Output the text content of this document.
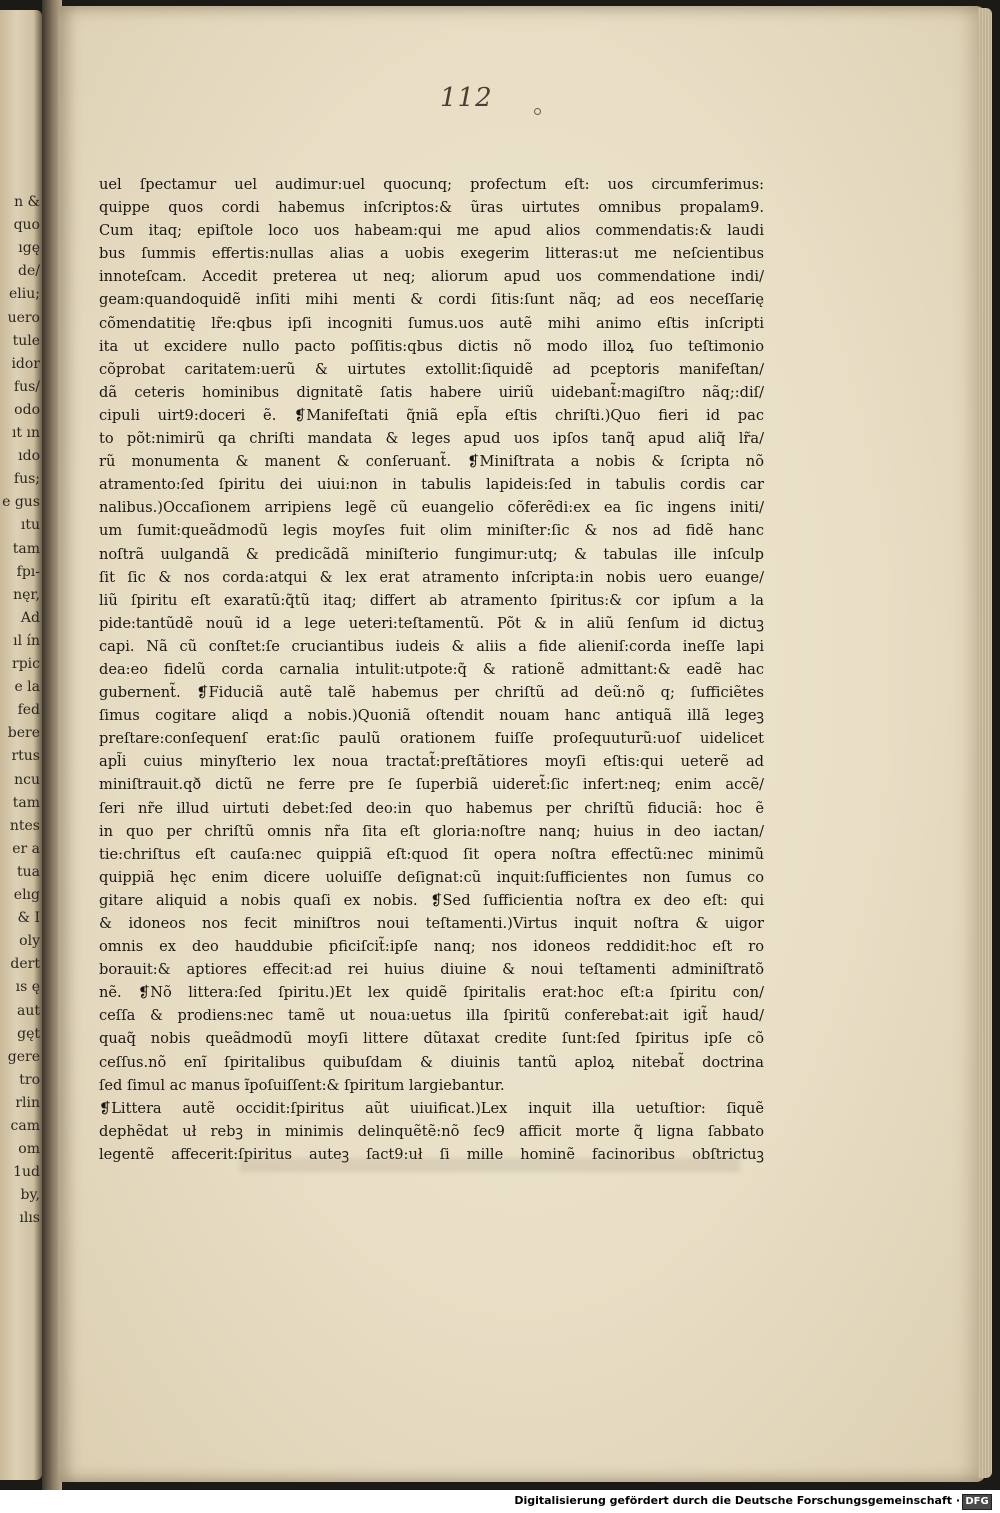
n &
quo
ıgę
de/
eliu;
uero
tule
idor
fus/
odo
ıt ın
ıdo
fus;
e gus
ıtu
tam
fpı-
nęr,
Ad
ıl ín
rpic
e la
fed
bere
rtus
ncu
tam
ntes
er a
tua
elıg
& I
oly
dert
ıs ę
aut
gęt
gere
tro
rlin
cam
om
1ud
by,
ılıs
112
uel ſpectamur uel audimur:uel quocunq; profectum eſt: uos circumferimus:
quippe quos cordi habemus inſcriptos:& ũras uirtutes omnibus propalam9.
Cum itaq; epiſtole loco uos habeam:qui me apud alios commendatis:& laudi
bus ſummis effertis:nullas alias a uobis exegerim litteras:ut me neſcientibus
innoteſcam. Accedit preterea ut neq; aliorum apud uos commendatione indi/
geam:quandoquidẽ inſiti mihi menti & cordi ſitis:ſunt nãq; ad eos neceſſarię
cõmendatitię lr̃e:qbus ipſi incogniti ſumus.uos autẽ mihi animo eſtis inſcripti
ita ut excidere nullo pacto poſſitis:qbus dictis nõ modo illoꝝ ſuo teſtimonio
cõprobat caritatem:uerũ & uirtutes extollit:ſiquidẽ ad pceptoris manifeſtan/
dã ceteris hominibus dignitatẽ ſatis habere uiriũ uidebant̃:magiſtro nãq;:diſ/
cipuli uirt9:doceri ẽ. ❡Manifeſtati q̃niã epl̃a eſtis chriſti.)Quo fieri id pac
to põt:nimirũ qa chriſti mandata & leges apud uos ipſos tanq̃ apud aliq̃ lr̃a/
rũ monumenta & manent & conſeruant̃. ❡Miniſtrata a nobis & ſcripta nõ
atramento:ſed ſpiritu dei uiui:non in tabulis lapideis:ſed in tabulis cordis car
nalibus.)Occaſionem arripiens legẽ cũ euangelio cõferẽdi:ex ea ſic ingens initi/
um ſumit:queãdmodũ legis moyſes fuit olim miniſter:ſic & nos ad fidẽ hanc
noſtrã uulgandã & predicãdã miniſterio fungimur:utq; & tabulas ille inſculp
ſit ſic & nos corda:atqui & lex erat atramento inſcripta:in nobis uero euange/
liũ ſpiritu eſt exaratũ:q̃tũ itaq; differt ab atramento ſpiritus:& cor ipſum a la
pide:tantũdẽ nouũ id a lege ueteri:teſtamentũ. Põt & in aliũ ſenſum id dictuꝫ
capi. Nã cũ conſtet:ſe cruciantibus iudeis & aliis a fide alieniſ:corda ineſſe lapi
dea:eo fidelũ corda carnalia intulit:utpote:q̃ & rationẽ admittant:& eadẽ hac
gubernent̃. ❡Fiduciã autẽ talẽ habemus per chriſtũ ad deũ:nõ q; ſufficiẽtes
ſimus cogitare aliqd a nobis.)Quoniã oſtendit nouam hanc antiquã illã legeꝫ
preſtare:conſequenſ erat:ſic paulũ orationem fuiſſe proſequuturũ:uoſ uidelicet
apl̃i cuius minyſterio lex noua tractat̃:preſtãtiores moyſi eſtis:qui ueterẽ ad
miniſtrauit.qð dictũ ne ferre pre ſe ſuperbiã uideret̃:ſic infert:neq; enim accẽ/
ſeri nr̃e illud uirtuti debet:ſed deo:in quo habemus per chriſtũ fiduciã: hoc ẽ
in quo per chriſtũ omnis nr̃a ſita eſt gloria:noſtre nanq; huius in deo iactan/
tie:chriſtus eſt cauſa:nec quippiã eſt:quod ſit opera noſtra effectũ:nec minimũ
quippiã hęc enim dicere uoluiſſe deſignat:cũ inquit:ſufficientes non ſumus co
gitare aliquid a nobis quaſi ex nobis. ❡Sed ſufficientia noſtra ex deo eſt: qui
& idoneos nos fecit miniſtros noui teſtamenti.)Virtus inquit noſtra & uigor
omnis ex deo hauddubie pficiſcit̃:ipſe nanq; nos idoneos reddidit:hoc eſt ro
borauit:& aptiores effecit:ad rei huius diuine & noui teſtamenti adminiſtratõ
nẽ. ❡Nõ littera:ſed ſpiritu.)Et lex quidẽ ſpiritalis erat:hoc eſt:a ſpiritu con/
ceſſa & prodiens:nec tamẽ ut noua:uetus illa ſpiritũ conferebat:ait igit̃ haud/
quaq̃ nobis queãdmodũ moyſi littere dũtaxat credite ſunt:ſed ſpiritus ipſe cõ
ceſſus.nõ enĩ ſpiritalibus quibuſdam & diuinis tantũ aploꝝ nitebat̃ doctrina
ſed ſimul ac manus ĩpoſuiſſent:& ſpiritum largiebantur.
❡Littera autẽ occidit:ſpiritus aũt uiuificat.)Lex inquit illa uetuſtior: ſiquẽ
dephẽdat uł rebꝫ in minimis delinquẽtẽ:nõ ſec9 afficit morte q̃ ligna ſabbato
legentẽ affecerit:ſpiritus auteꝫ ſact9:uł ſi mille hominẽ facinoribus obſtrictuꝫ
Digitalisierung gefördert durch die Deutsche Forschungsgemeinschaft · DFG
